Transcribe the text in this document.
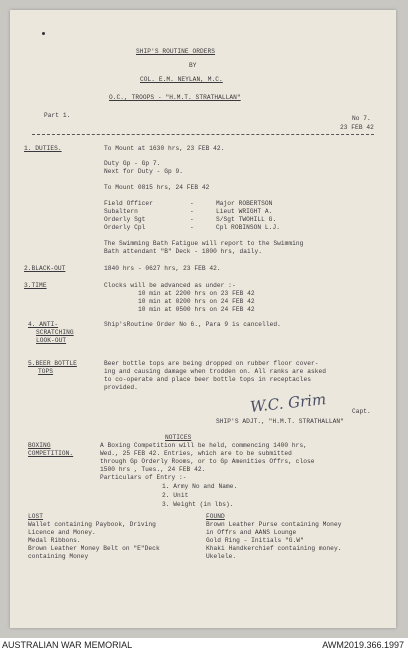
SHIP'S ROUTINE ORDERS
BY
COL. E.M. NEYLAN, M.C.
O.C., TROOPS - "H.M.T. STRATHALLAN"
Part 1.	No 7.
23 FEB 42
1. DUTIES.	To Mount at 1630 hrs, 23 FEB 42.
Duty Gp - Gp 7.
Next for Duty - Gp 9.
To Mount 0815 hrs, 24 FEB 42
Field Officer	-	Major ROBERTSON
Subaltern	-	Lieut WRIGHT A.
Orderly Sgt	-	S/Sgt TWOHILL G.
Orderly Cpl	-	Cpl ROBINSON L.J.
The Swimming Bath Fatigue will report to the Swimming
Bath attendant "B" Deck - 1800 hrs, daily.
2.BLACK-OUT	1840 hrs - 0627 hrs, 23 FEB 42.
3.TIME	Clocks will be advanced as under :-
10 min at 2200 hrs on 23 FEB 42
10 min at 0200 hrs on 24 FEB 42
10 min at 0500 hrs on 24 FEB 42
4. ANTI-
SCRATCHING
LOOK-OUT
Ship'sRoutine Order No 6., Para 9 is cancelled.
5.BEER BOTTLE
TOPS
Beer bottle tops are being dropped on rubber floor cover-
ing and causing damage when trodden on. All ranks are asked
to co-operate and place beer bottle tops in receptacles
provided.
W.C. Grim	Capt.
SHIP'S ADJT., "H.M.T. STRATHALLAN"
NOTICES
BOXING
COMPETITION.
A Boxing Competition will be held, commencing 1400 hrs,
Wed., 25 FEB 42. Entries, which are to be submitted
through Gp Orderly Rooms, or to Gp Amenities Offrs, close
1500 hrs , Tues., 24 FEB 42.
Particulars of Entry :-
1. Army No and Name.
2. Unit
3. Weight (in lbs).
LOST	FOUND
Wallet containing Paybook, Driving
Licence and Money.
Medal Ribbons.
Brown Leather Money Belt on "E"Deck
containing Money
Brown Leather Purse containing Money
in Offrs and AANS Lounge
Gold Ring - Initials "G.W"
Khaki Handkerchief containing money.
Ukelele.
AUSTRALIAN WAR MEMORIAL	AWM2019.366.1997
